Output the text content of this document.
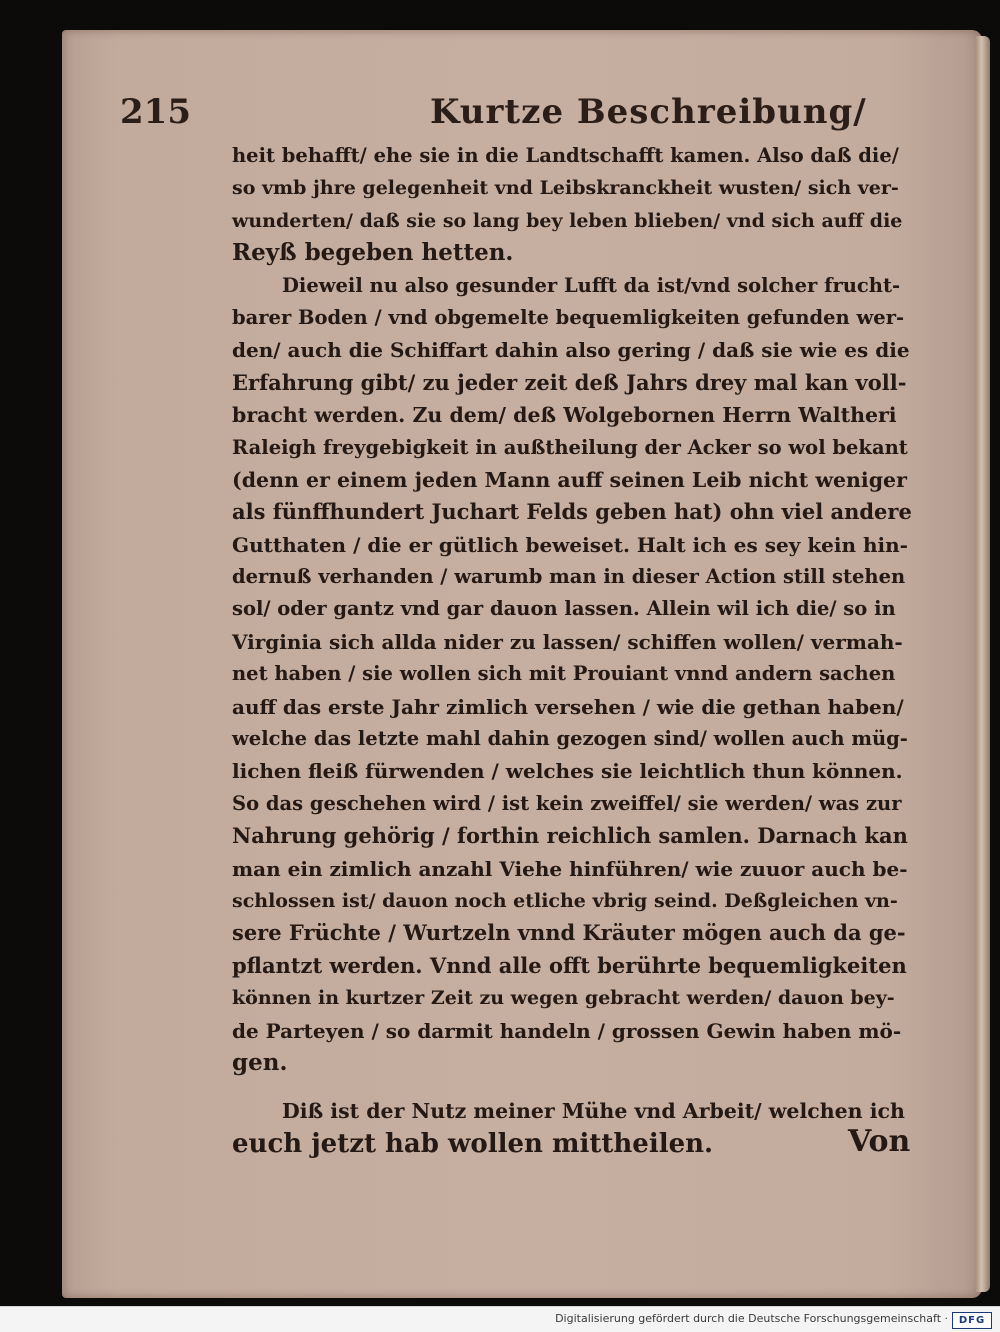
215	Kurtze Beschreibung/
heit behafft/ ehe sie in die Landtschafft kamen. Also daß die/
so vmb jhre gelegenheit vnd Leibskranckheit wusten/ sich ver-
wunderten/ daß sie so lang bey leben blieben/ vnd sich auff die
Reyß begeben hetten.
Dieweil nu also gesunder Lufft da ist/vnd solcher frucht-
barer Boden / vnd obgemelte bequemligkeiten gefunden wer-
den/ auch die Schiffart dahin also gering / daß sie wie es die
Erfahrung gibt/ zu jeder zeit deß Jahrs drey mal kan voll-
bracht werden. Zu dem/ deß Wolgebornen Herrn Waltheri
Raleigh freygebigkeit in außtheilung der Acker so wol bekant
(denn er einem jeden Mann auff seinen Leib nicht weniger
als fünffhundert Juchart Felds geben hat) ohn viel andere
Gutthaten / die er gütlich beweiset. Halt ich es sey kein hin-
dernuß verhanden / warumb man in dieser Action still stehen
sol/ oder gantz vnd gar dauon lassen. Allein wil ich die/ so in
Virginia sich allda nider zu lassen/ schiffen wollen/ vermah-
net haben / sie wollen sich mit Prouiant vnnd andern sachen
auff das erste Jahr zimlich versehen / wie die gethan haben/
welche das letzte mahl dahin gezogen sind/ wollen auch müg-
lichen fleiß fürwenden / welches sie leichtlich thun können.
So das geschehen wird / ist kein zweiffel/ sie werden/ was zur
Nahrung gehörig / forthin reichlich samlen. Darnach kan
man ein zimlich anzahl Viehe hinführen/ wie zuuor auch be-
schlossen ist/ dauon noch etliche vbrig seind. Deßgleichen vn-
sere Früchte / Wurtzeln vnnd Kräuter mögen auch da ge-
pflantzt werden. Vnnd alle offt berührte bequemligkeiten
können in kurtzer Zeit zu wegen gebracht werden/ dauon bey-
de Parteyen / so darmit handeln / grossen Gewin haben mö-
gen.
Diß ist der Nutz meiner Mühe vnd Arbeit/ welchen ich
euch jetzt hab wollen mittheilen.	Von
Digitalisierung gefördert durch die Deutsche Forschungsgemeinschaft ·	DFG
